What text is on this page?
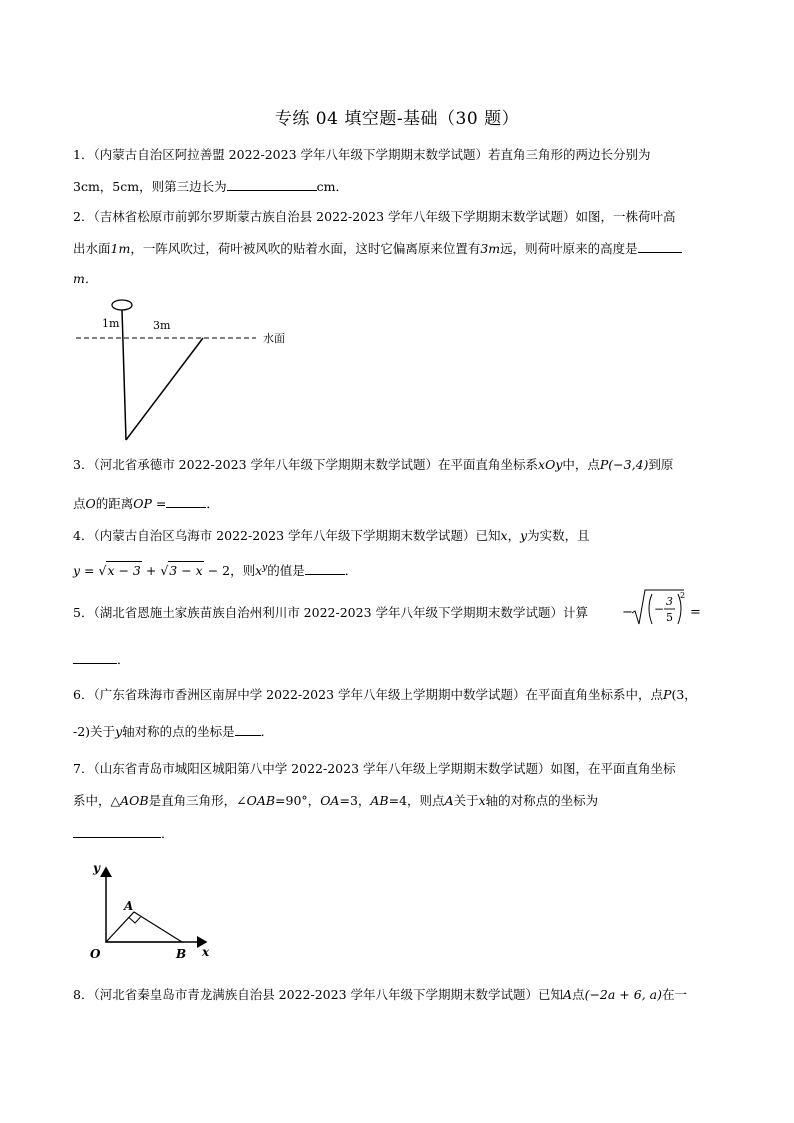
专练 04 填空题-基础（30 题）
1．（内蒙古自治区阿拉善盟 2022-2023 学年八年级下学期期末数学试题）若直角三角形的两边长分别为
3cm，5cm，则第三边长为	cm．
2．（吉林省松原市前郭尔罗斯蒙古族自治县 2022-2023 学年八年级下学期期末数学试题）如图，一株荷叶高
出水面1m，一阵风吹过，荷叶被风吹的贴着水面，这时它偏离原来位置有3m远，则荷叶原来的高度是
m．
1m	3m
水面
3．（河北省承德市 2022-2023 学年八年级下学期期末数学试题）在平面直角坐标系xOy中，点P(−3,4)到原
点O的距离OP =	．
4．（内蒙古自治区乌海市 2022-2023 学年八年级下学期期末数学试题）已知x，y为实数，且
y = √x − 3 + √3 − x − 2，则$x^y$的值是	．
5．（湖北省恩施土家族苗族自治州利川市 2022-2023 学年八年级下学期期末数学试题）计算	− −
3
5
2
=
．
6．（广东省珠海市香洲区南屏中学 2022-2023 学年八年级上学期期中数学试题）在平面直角坐标系中，点P(3，
-2)关于y轴对称的点的坐标是 ．
7．（山东省青岛市城阳区城阳第八中学 2022-2023 学年八年级上学期期末数学试题）如图，在平面直角坐标
系中，△AOB是直角三角形，∠OAB=90°，OA=3，AB=4，则点A关于x轴的对称点的坐标为
．
y
x
O
A
B
8．（河北省秦皇岛市青龙满族自治县 2022-2023 学年八年级下学期期末数学试题）已知A点(−2a + 6, a)在一
